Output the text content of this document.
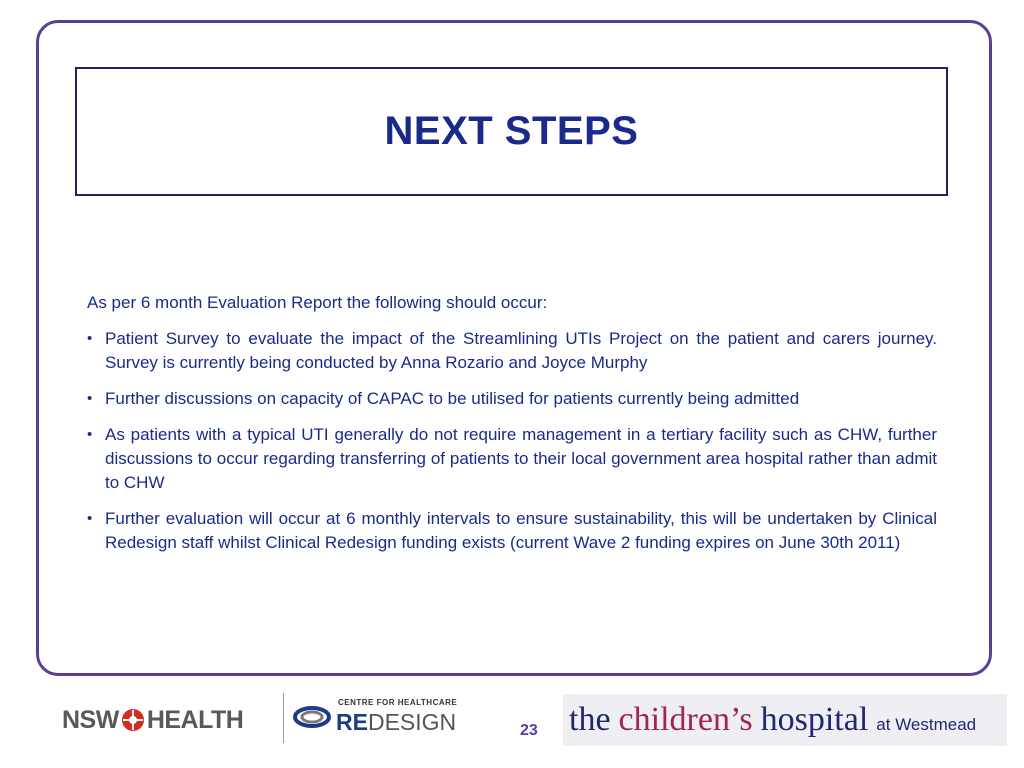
NEXT STEPS

As per 6 month Evaluation Report the following should occur:

• Patient Survey to evaluate the impact of the Streamlining UTIs Project on the patient and carers journey. Survey is currently being conducted by Anna Rozario and Joyce Murphy
• Further discussions on capacity of CAPAC to be utilised for patients currently being admitted
• As patients with a typical UTI generally do not require management in a tertiary facility such as CHW, further discussions to occur regarding transferring of patients to their local government area hospital rather than admit to CHW
• Further evaluation will occur at 6 monthly intervals to ensure sustainability, this will be undertaken by Clinical Redesign staff whilst Clinical Redesign funding exists (current Wave 2 funding expires on June 30th 2011)
NSW HEALTH
CENTRE FOR HEALTHCARE
REDESIGN	23 the children’s hospital at Westmead
